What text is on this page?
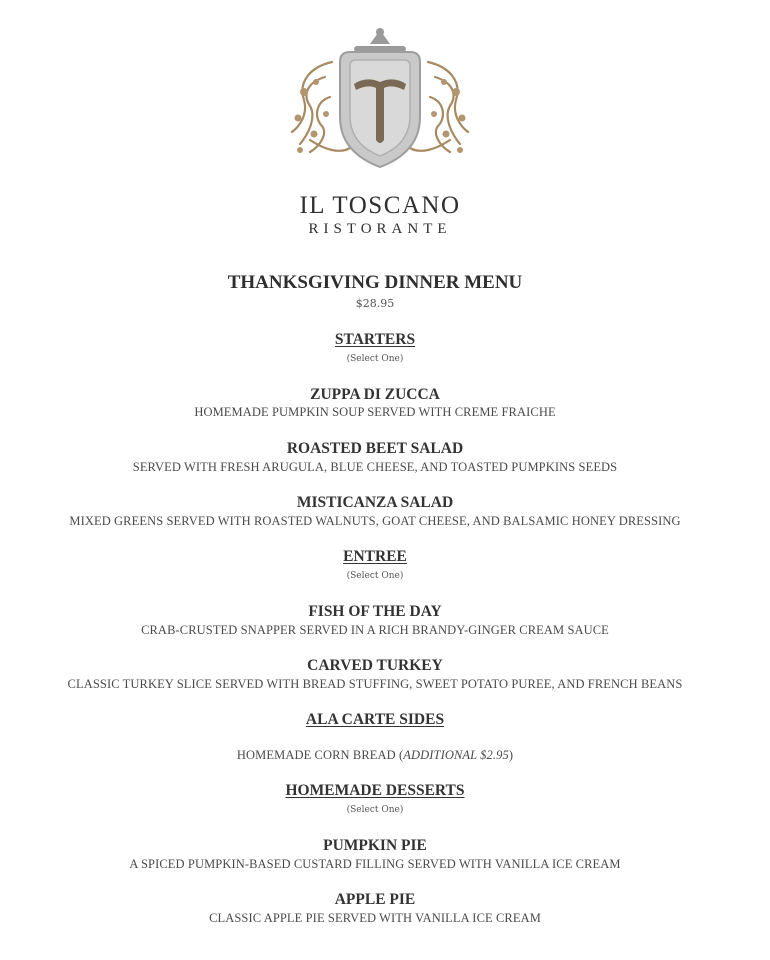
IL TOSCANO
RISTORANTE
THANKSGIVING DINNER MENU
$28.95
STARTERS
(Select One)
ZUPPA DI ZUCCA
HOMEMADE PUMPKIN SOUP SERVED WITH CREME FRAICHE
ROASTED BEET SALAD
SERVED WITH FRESH ARUGULA, BLUE CHEESE, AND TOASTED PUMPKINS SEEDS
MISTICANZA SALAD
MIXED GREENS SERVED WITH ROASTED WALNUTS, GOAT CHEESE, AND BALSAMIC HONEY DRESSING
ENTREE
(Select One)
FISH OF THE DAY
CRAB-CRUSTED SNAPPER SERVED IN A RICH BRANDY-GINGER CREAM SAUCE
CARVED TURKEY
CLASSIC TURKEY SLICE SERVED WITH BREAD STUFFING, SWEET POTATO PUREE, AND FRENCH BEANS
ALA CARTE SIDES
HOMEMADE CORN BREAD (ADDITIONAL $2.95)
HOMEMADE DESSERTS
(Select One)
PUMPKIN PIE
A SPICED PUMPKIN-BASED CUSTARD FILLING SERVED WITH VANILLA ICE CREAM
APPLE PIE
CLASSIC APPLE PIE SERVED WITH VANILLA ICE CREAM
